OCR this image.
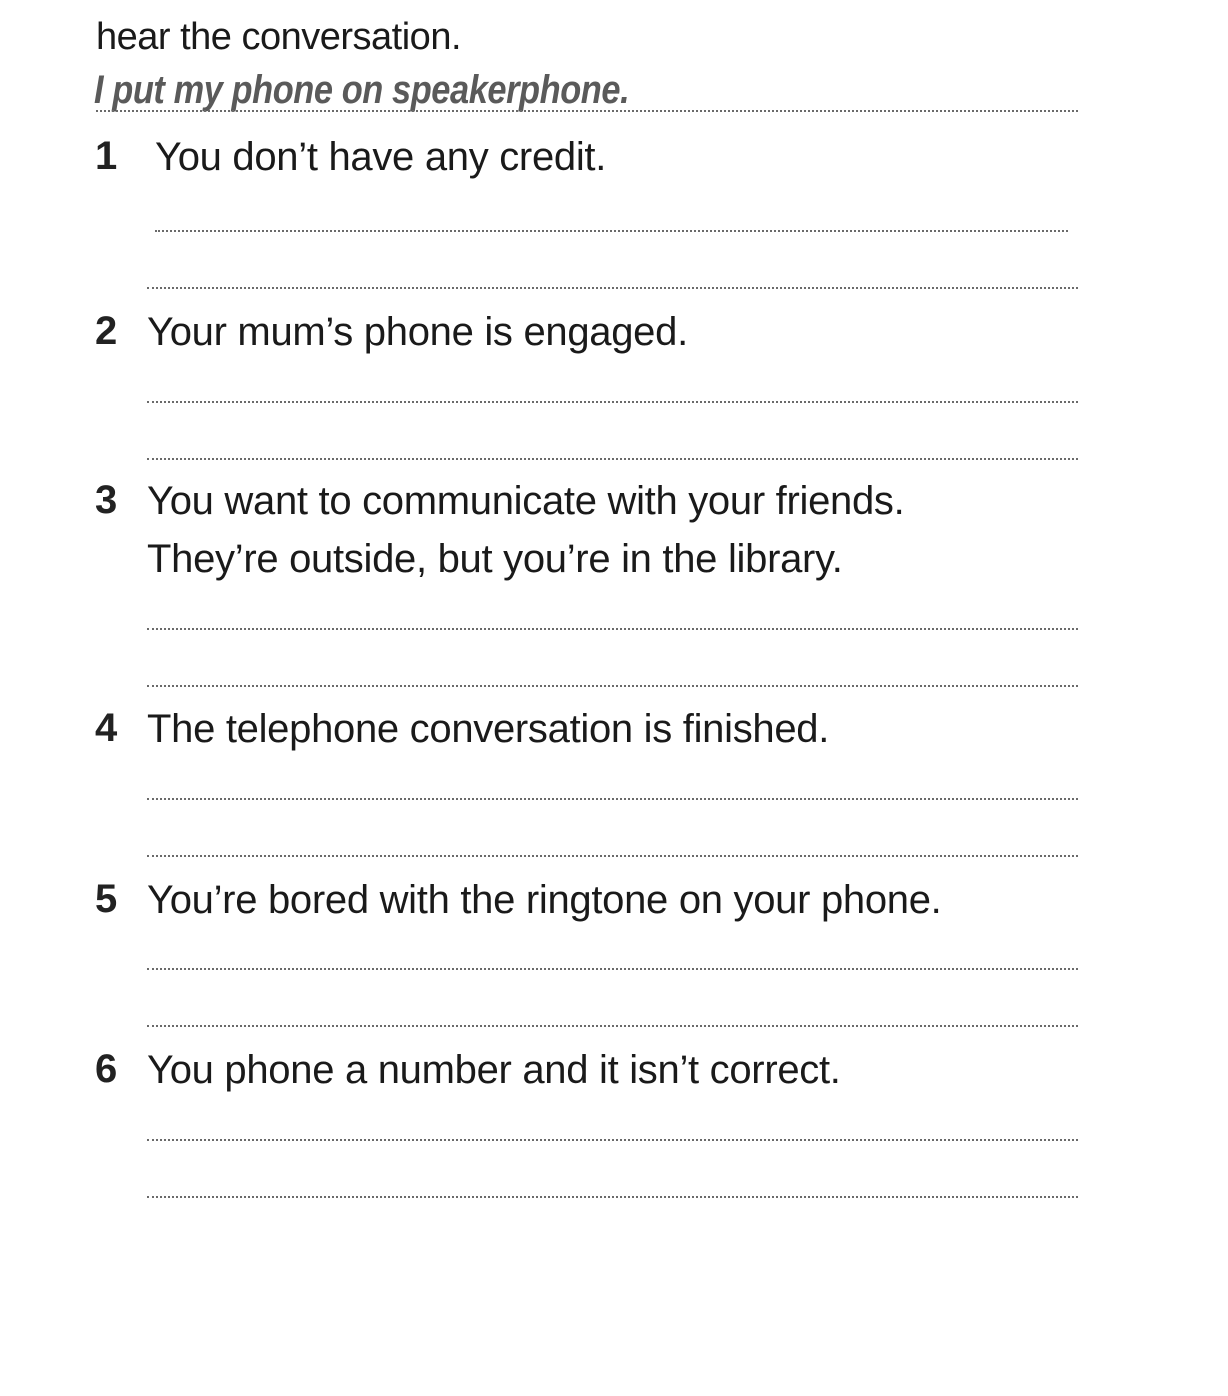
hear the conversation.
I put my phone on speakerphone.
1 You don’t have any credit.
2 Your mum’s phone is engaged.
3 You want to communicate with your friends.
They’re outside, but you’re in the library.
4 The telephone conversation is finished.
5 You’re bored with the ringtone on your phone.
6 You phone a number and it isn’t correct.
